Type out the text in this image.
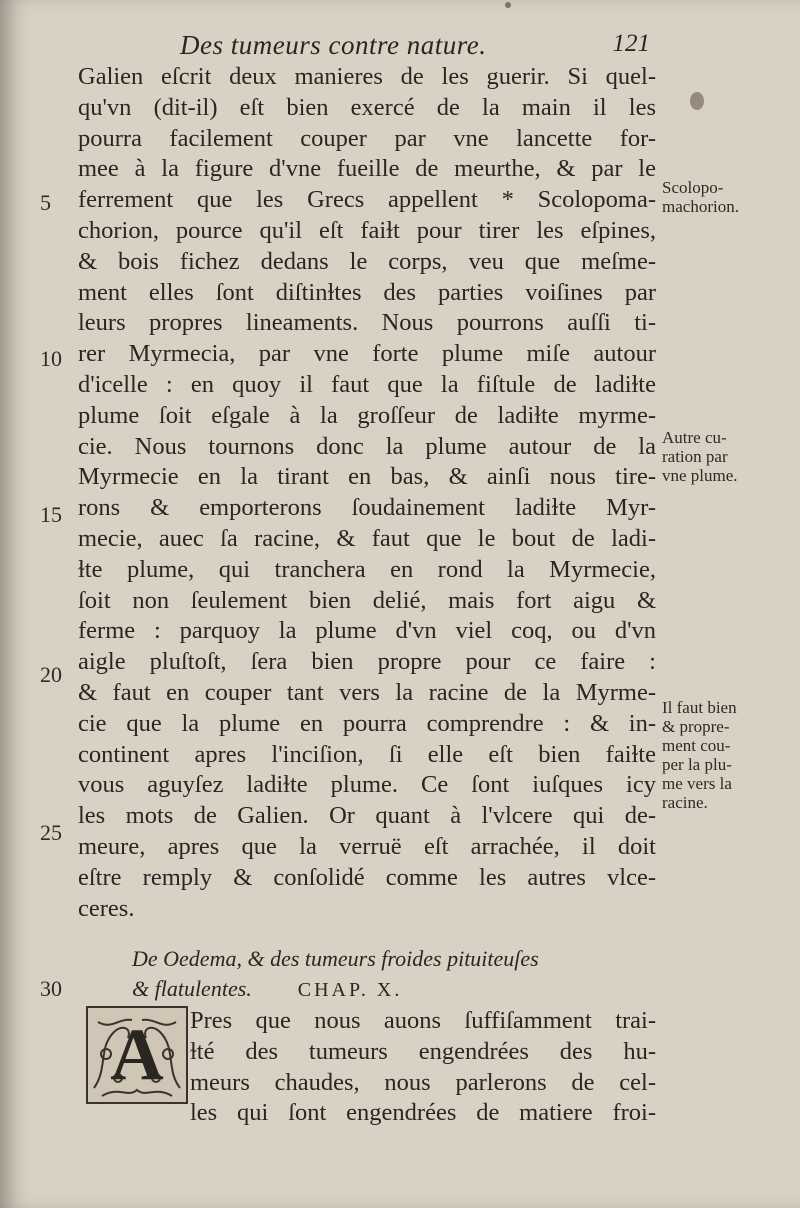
Des tumeurs contre nature.	121
Galien eſcrit deux manieres de les guerir. Si quel-
qu'vn (dit-il) eſt bien exercé de la main il les
pourra facilement couper par vne lancette for-
mee à la figure d'vne fueille de meurthe, & par le
ferrement que les Grecs appellent * Scolopoma-
chorion, pource qu'il eſt faiɫt pour tirer les eſpines,
& bois fichez dedans le corps, veu que meſme-
ment elles ſont diſtinɫtes des parties voiſines par
leurs propres lineaments. Nous pourrons auſſi ti-
rer Myrmecia, par vne forte plume miſe autour
d'icelle : en quoy il faut que la fiſtule de ladiɫte
plume ſoit eſgale à la groſſeur de ladiɫte myrme-
cie. Nous tournons donc la plume autour de la
Myrmecie en la tirant en bas, & ainſi nous tire-
rons & emporterons ſoudainement ladiɫte Myr-
mecie, auec ſa racine, & faut que le bout de ladi-
ɫte plume, qui tranchera en rond la Myrmecie,
ſoit non ſeulement bien delié, mais fort aigu &
ferme : parquoy la plume d'vn viel coq, ou d'vn
aigle pluſtoſt, ſera bien propre pour ce faire :
& faut en couper tant vers la racine de la Myrme-
cie que la plume en pourra comprendre : & in-
continent apres l'inciſion, ſi elle eſt bien faiɫte
vous aguyſez ladiɫte plume. Ce ſont iuſques icy
les mots de Galien. Or quant à l'vlcere qui de-
meure, apres que la verruë eſt arrachée, il doit
eſtre remply & conſolidé comme les autres vlce-
ceres.
De Oedema, & des tumeurs froides pituiteuſes
& flatulentes. CHAP. X.
A	Pres que nous auons ſuffiſamment trai-
ɫté des tumeurs engendrées des hu-
meurs chaudes, nous parlerons de cel-
les qui ſont engendrées de matiere froi-
5
10
15
20
25
30
Scolopo-
machorion.
Autre cu-
ration par
vne plume.
Il faut bien
& propre-
ment cou-
per la plu-
me vers la
racine.
